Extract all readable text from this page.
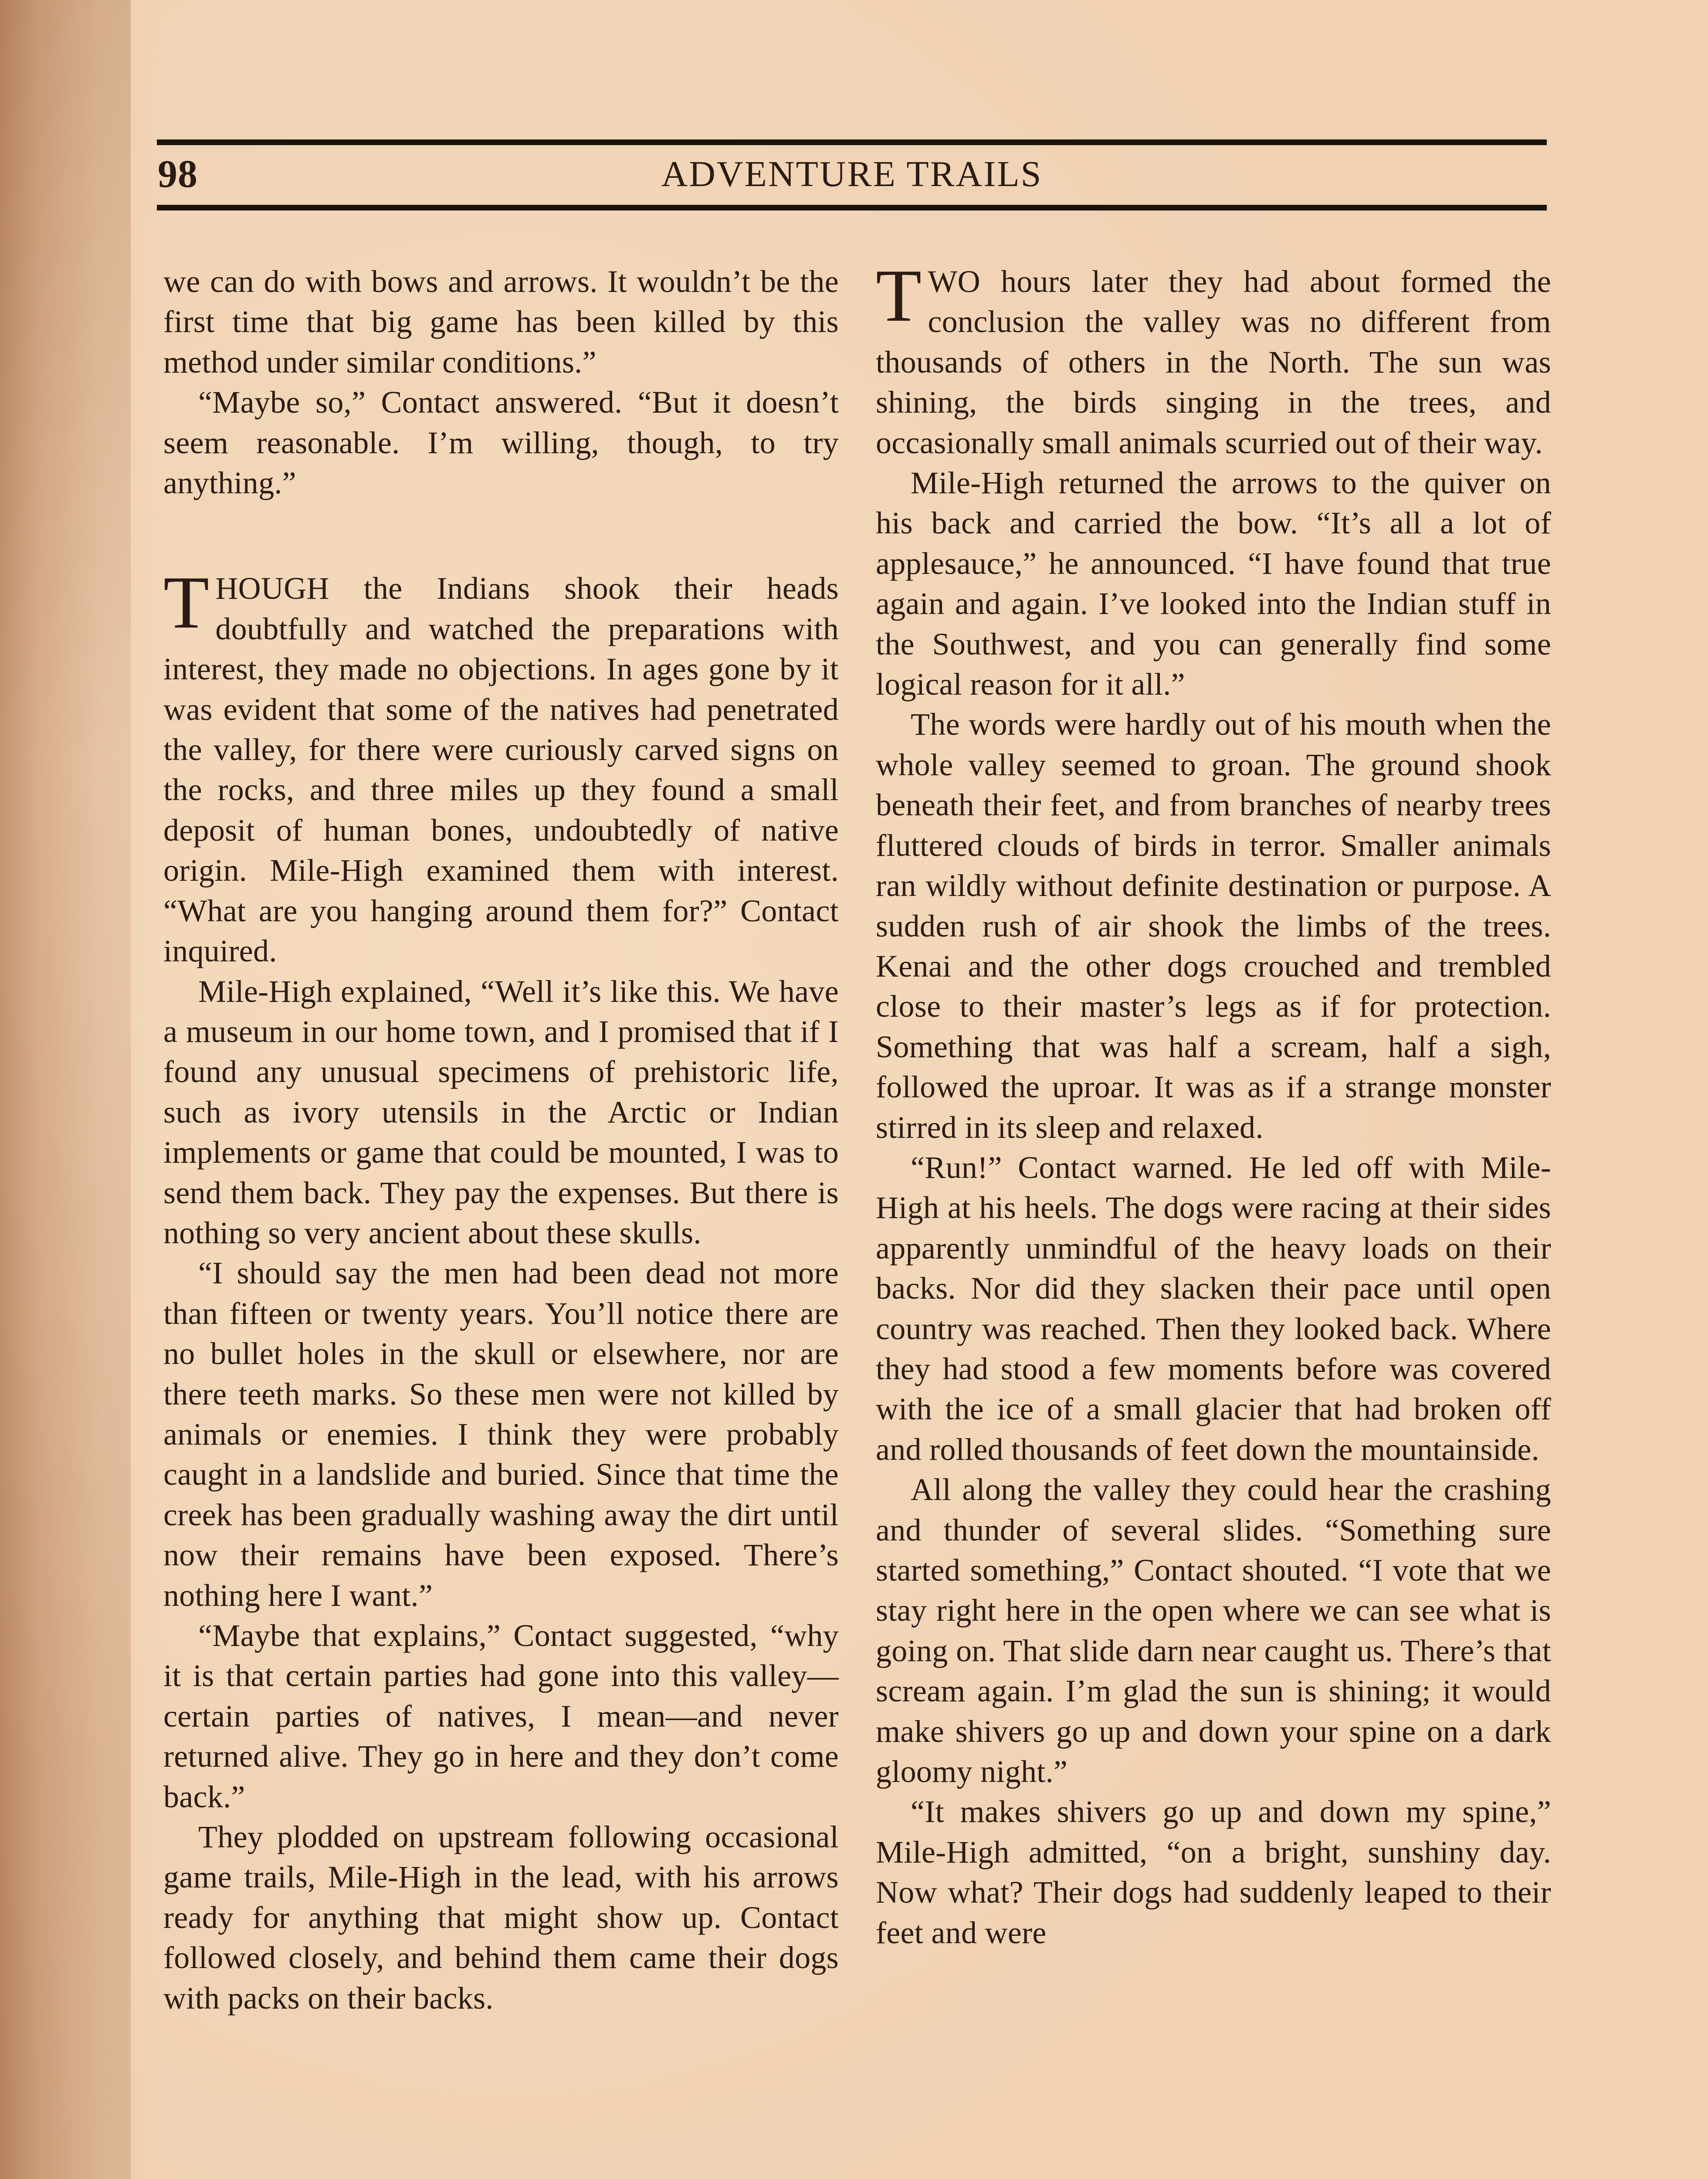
98	ADVENTURE TRAILS

we can do with bows and arrows. It wouldn’t be the first time that big game has been killed by this method under similar conditions.”

“Maybe so,” Contact answered. “But it doesn’t seem reasonable. I’m willing, though, to try anything.”

THOUGH the Indians shook their heads doubtfully and watched the preparations with interest, they made no objections. In ages gone by it was evident that some of the natives had penetrated the valley, for there were curiously carved signs on the rocks, and three miles up they found a small deposit of human bones, undoubtedly of native origin. Mile-High examined them with interest. “What are you hanging around them for?” Contact inquired.

Mile-High explained, “Well it’s like this. We have a museum in our home town, and I promised that if I found any unusual specimens of prehistoric life, such as ivory utensils in the Arctic or Indian implements or game that could be mounted, I was to send them back. They pay the expenses. But there is nothing so very ancient about these skulls.

“I should say the men had been dead not more than fifteen or twenty years. You’ll notice there are no bullet holes in the skull or elsewhere, nor are there teeth marks. So these men were not killed by animals or enemies. I think they were probably caught in a landslide and buried. Since that time the creek has been gradually washing away the dirt until now their remains have been exposed. There’s nothing here I want.”

“Maybe that explains,” Contact suggested, “why it is that certain parties had gone into this valley—certain parties of natives, I mean—and never returned alive. They go in here and they don’t come back.”

They plodded on upstream following occasional game trails, Mile-High in the lead, with his arrows ready for anything that might show up. Contact followed closely, and behind them came their dogs with packs on their backs.

TWO hours later they had about formed the conclusion the valley was no different from thousands of others in the North. The sun was shining, the birds singing in the trees, and occasionally small animals scurried out of their way.

Mile-High returned the arrows to the quiver on his back and carried the bow. “It’s all a lot of applesauce,” he announced. “I have found that true again and again. I’ve looked into the Indian stuff in the Southwest, and you can generally find some logical reason for it all.”

The words were hardly out of his mouth when the whole valley seemed to groan. The ground shook beneath their feet, and from branches of nearby trees fluttered clouds of birds in terror. Smaller animals ran wildly without definite destination or purpose. A sudden rush of air shook the limbs of the trees. Kenai and the other dogs crouched and trembled close to their master’s legs as if for protection. Something that was half a scream, half a sigh, followed the uproar. It was as if a strange monster stirred in its sleep and relaxed.

“Run!” Contact warned. He led off with Mile-High at his heels. The dogs were racing at their sides apparently unmindful of the heavy loads on their backs. Nor did they slacken their pace until open country was reached. Then they looked back. Where they had stood a few moments before was covered with the ice of a small glacier that had broken off and rolled thousands of feet down the mountainside.

All along the valley they could hear the crashing and thunder of several slides. “Something sure started something,” Contact shouted. “I vote that we stay right here in the open where we can see what is going on. That slide darn near caught us. There’s that scream again. I’m glad the sun is shining; it would make shivers go up and down your spine on a dark gloomy night.”

“It makes shivers go up and down my spine,” Mile-High admitted, “on a bright, sunshiny day. Now what? Their dogs had suddenly leaped to their feet and were
